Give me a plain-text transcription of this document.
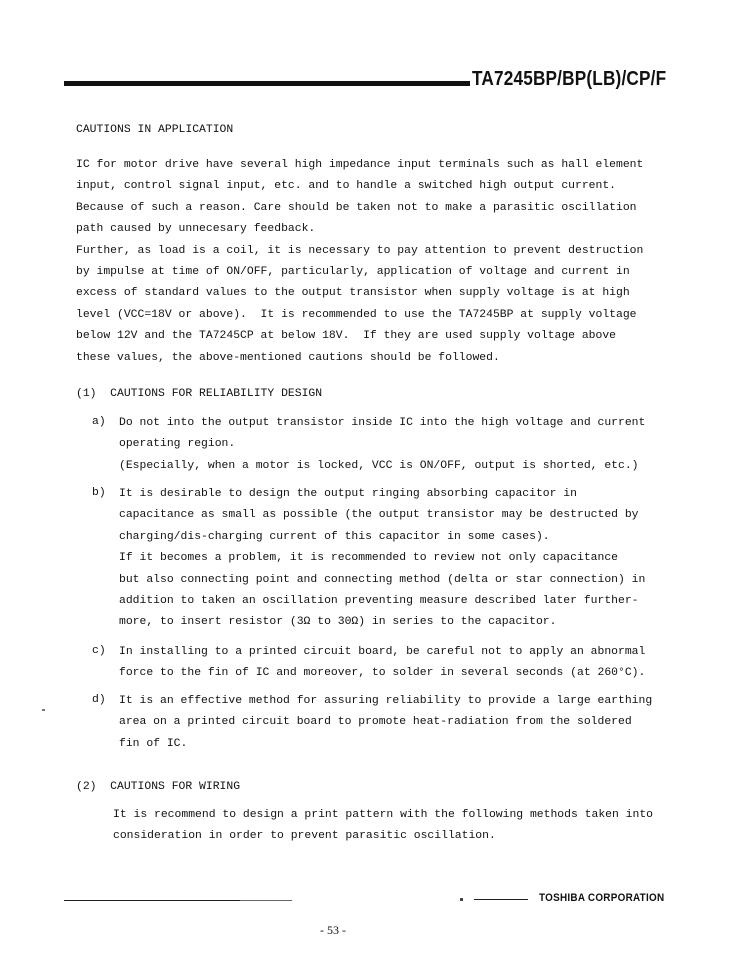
TA7245BP/BP(LB)/CP/F
CAUTIONS IN APPLICATION
IC for motor drive have several high impedance input terminals such as hall element
input, control signal input, etc. and to handle a switched high output current.
Because of such a reason. Care should be taken not to make a parasitic oscillation
path caused by unnecesary feedback.
Further, as load is a coil, it is necessary to pay attention to prevent destruction
by impulse at time of ON/OFF, particularly, application of voltage and current in
excess of standard values to the output transistor when supply voltage is at high
level (VCC=18V or above).  It is recommended to use the TA7245BP at supply voltage
below 12V and the TA7245CP at below 18V.  If they are used supply voltage above
these values, the above-mentioned cautions should be followed.
(1)  CAUTIONS FOR RELIABILITY DESIGN
a) Do not into the output transistor inside IC into the high voltage and current
operating region.
(Especially, when a motor is locked, VCC is ON/OFF, output is shorted, etc.)
b) It is desirable to design the output ringing absorbing capacitor in
capacitance as small as possible (the output transistor may be destructed by
charging/dis-charging current of this capacitor in some cases).
If it becomes a problem, it is recommended to review not only capacitance
but also connecting point and connecting method (delta or star connection) in
addition to taken an oscillation preventing measure described later further-
more, to insert resistor (3Ω to 30Ω) in series to the capacitor.
c) In installing to a printed circuit board, be careful not to apply an abnormal
force to the fin of IC and moreover, to solder in several seconds (at 260°C).
d) It is an effective method for assuring reliability to provide a large earthing
area on a printed circuit board to promote heat-radiation from the soldered
fin of IC.
(2)  CAUTIONS FOR WIRING
It is recommend to design a print pattern with the following methods taken into
consideration in order to prevent parasitic oscillation.
TOSHIBA CORPORATION
- 53 -
